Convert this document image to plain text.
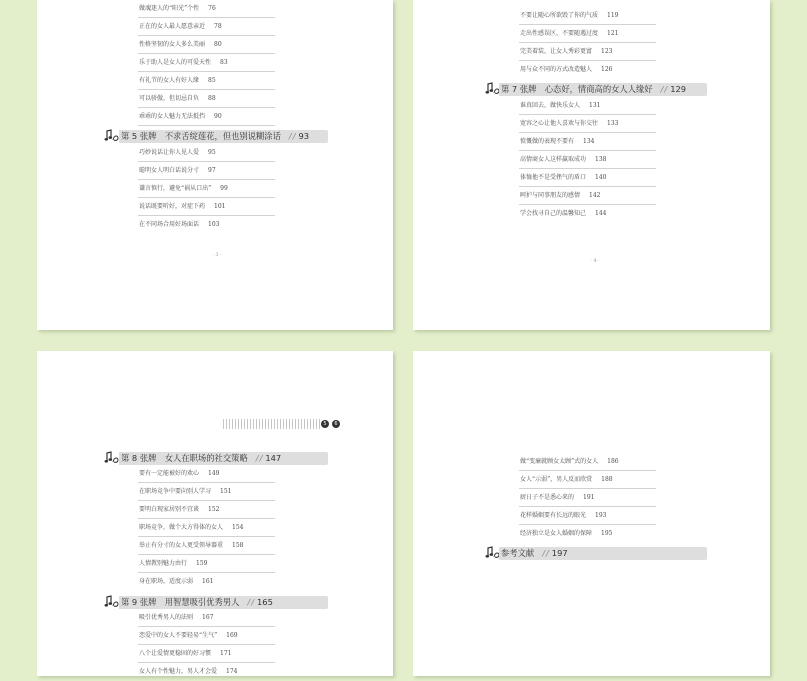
· 3 ·
· 4 ·
5	6
做魂迷人的“阳光”个性 76
正在的女人最人愿意亲近 78
性格坚韧的女人多么美丽 80
乐于助人是女人的可爱天性 83
有礼节的女人有好人缘 85
可以骄傲，但切忌自负 88
乖乖的女人魅力无法抵挡 90
第 5 张牌　不求舌绽莲花，但也别说糊涂话 // 93
巧妙说话让你人见人爱 95
聪明女人明白话说分寸 97
谦言慎行，避免“祸从口出” 99
说话既要听好，对症下药 101
在不同场合用好场面话 103
不要让随心所欲毁了你的气质 119
走出性感误区，不要随遇过度 121
完美着装，让女人秀彩更富 123
用与众不同的方式改造魅人 126
第 7 张牌　心态好，情商高的女人人缘好 // 129
谁真回去，做快乐女人 131
宽容之心让他人喜欢与你交往 133
愤慨做的表现不要有 134
高情商女人这样赢取成功 138
体恤他不是受挫气的盾口 140
呵护与同事朋友的感情 142
学会找寻自己的温馨知己 144
第 8 张牌　女人在职场的社交策略 // 147
要有一定能被好的欢心 149
在职场竞争中要向别人学习 151
要明白现家居别不宜谈 152
职场竞争，做个大方得体的女人 154
举止有分寸的女人更受领导器重 158
人情教别魅力由行 159
身在职场，适度示弱 161
第 9 张牌　用智慧吸引优秀男人 // 165
吸引优秀男人的法则 167
恋爱中的女人不要轻易“生气” 169
八个让爱情更稳固的好习惯 171
女人有个性魅力，男人才会爱 174
做“变廉就顾女太顾”式的女人 186
女人“示弱”，男人反而欣赏 188
厨日子不是悉心来的 191
花样婚姻要有长远的眼光 193
经济独立是女人婚姻的保障 195
参考文献 // 197
